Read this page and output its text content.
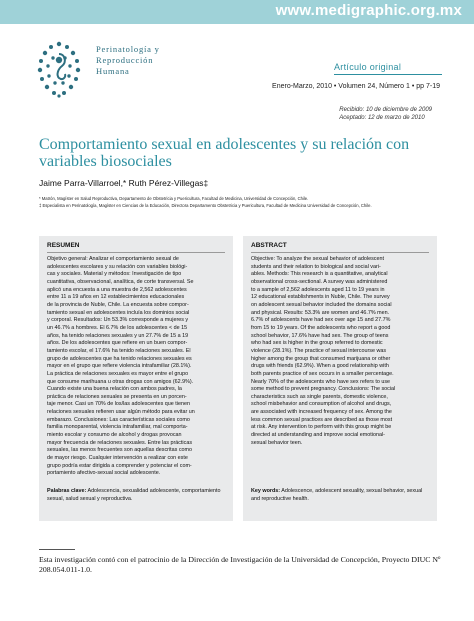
www.medigraphic.org.mx
Perinatología y
Reproducción
Humana	Artículo original
Enero-Marzo, 2010 • Volumen 24, Número 1 • pp 7-19
Recibido: 10 de diciembre de 2009
Aceptado: 12 de marzo de 2010
Comportamiento sexual en adolescentes y su relación con variables biosociales
Jaime Parra-Villarroel,* Ruth Pérez-Villegas‡
* Matrón, Magíster en Salud Reproductiva, Departamento de Obstetricia y Puericultura, Facultad de Medicina, Universidad de Concepción, Chile.
‡ Especialista en Perinatología, Magíster en Ciencias de la Educación, Directora Departamento Obstetricia y Puericultura, Facultad de Medicina Universidad de Concepción, Chile.
RESUMEN
Objetivo general: Analizar el comportamiento sexual de
adolescentes escolares y su relación con variables biológi-
cas y sociales. Material y métodos: Investigación de tipo
cuantitativa, observacional, analítica, de corte transversal. Se
aplicó una encuesta a una muestra de 2,562 adolescentes
entre 11 a 19 años en 12 establecimientos educacionales
de la provincia de Ñuble, Chile. La encuesta sobre compor-
tamiento sexual en adolescentes incluía los dominios social
y corporal. Resultados: Un 53.3% corresponde a mujeres y
un 46.7% a hombres. El 6.7% de los adolescentes < de 15
años, ha tenido relaciones sexuales y un 27.7% de 15 a 19
años. De los adolescentes que refiere en un buen compor-
tamiento escolar, el 17.6% ha tenido relaciones sexuales. El
grupo de adolescentes que ha tenido relaciones sexuales es
mayor en el grupo que refiere violencia intrafamiliar (28.1%).
La práctica de relaciones sexuales es mayor entre el grupo
que consume marihuana u otras drogas con amigos (62.9%).
Cuando existe una buena relación con ambos padres, la
práctica de relaciones sexuales se presenta en un porcen-
taje menor. Casi un 70% de los/las adolescentes que tienen
relaciones sexuales refieren usar algún método para evitar un
embarazo. Conclusiones: Las características sociales como
familia monoparental, violencia intrafamiliar, mal comporta-
miento escolar y consumo de alcohol y drogas provocan
mayor frecuencia de relaciones sexuales. Entre las prácticas
sexuales, las menos frecuentes son aquellas descritas como
de mayor riesgo. Cualquier intervención a realizar con este
grupo podría estar dirigida a comprender y potenciar el com-
portamiento afectivo-sexual social adolescente.
Palabras clave: Adolescencia, sexualidad adolescente, comportamiento sexual, salud sexual y reproductiva.
ABSTRACT
Objective: To analyze the sexual behavior of adolescent
students and their relation to biological and social vari-
ables. Methods: This research is a quantitative, analytical
observational cross-sectional. A survey was administered
to a sample of 2,562 adolescents aged 11 to 19 years in
12 educational establishments in Ñuble, Chile. The survey
on adolescent sexual behavior included the domains social
and physical. Results: 53.3% are women and 46.7% men.
6.7% of adolescents have had sex over age 15 and 27.7%
from 15 to 19 years. Of the adolescents who report a good
school behavior, 17.6% have had sex. The group of teens
who had sex is higher in the group referred to domestic
violence (28.1%). The practice of sexual intercourse was
higher among the group that consumed marijuana or other
drugs with friends (62.9%). When a good relationship with
both parents practice of sex occurs in a smaller percentage.
Nearly 70% of the adolescents who have sex refers to use
some method to prevent pregnancy. Conclusions: The social
characteristics such as single parents, domestic violence,
school misbehavior and consumption of alcohol and drugs,
are associated with increased frequency of sex. Among the
less common sexual practices are described as those most
at risk. Any intervention to perform with this group might be
directed at understanding and improve social emotional-
sexual behavior teen.
Key words: Adolescence, adolescent sexuality, sexual behavior, sexual and reproductive health.
Esta investigación contó con el patrocinio de la Dirección de Investigación de la Universidad de Concepción, Proyecto DIUC Nº 208.054.011-1.0.
